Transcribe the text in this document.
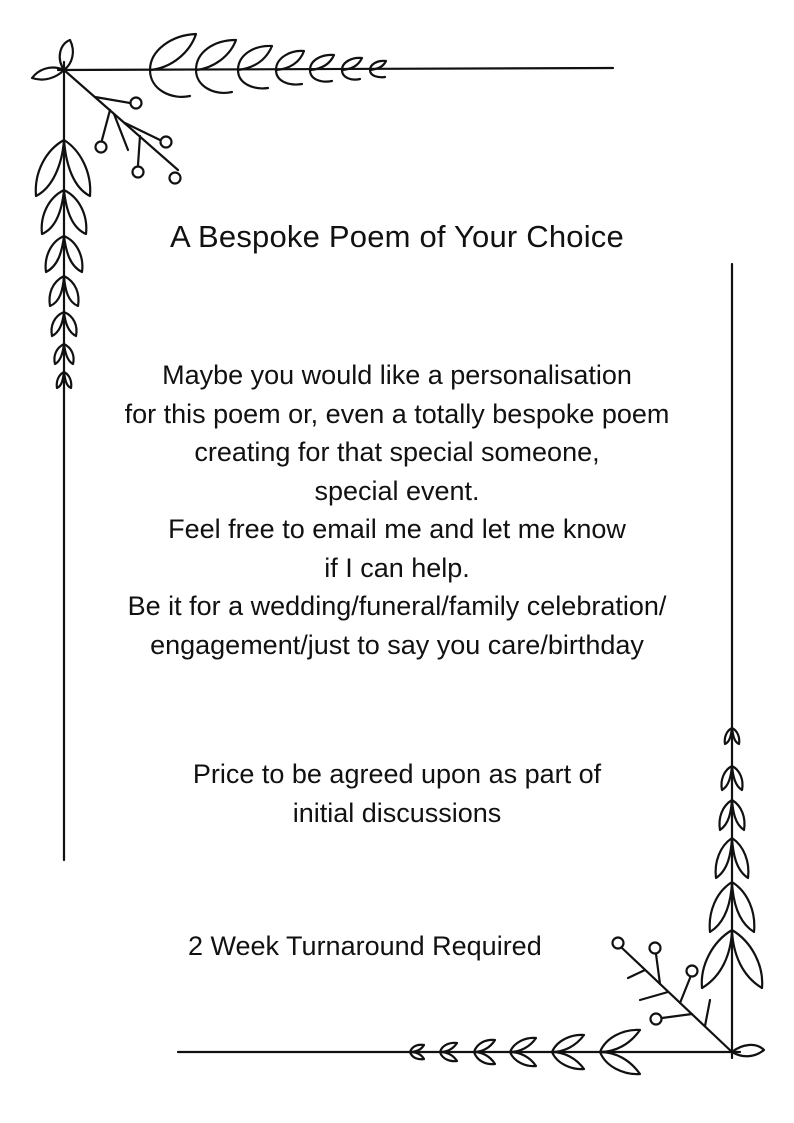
A Bespoke Poem of Your Choice
Maybe you would like a personalisation
for this poem or, even a totally bespoke poem
creating for that special someone,
special event.
Feel free to email me and let me know
if I can help.
Be it for a wedding/funeral/family celebration/
engagement/just to say you care/birthday
Price to be agreed upon as part of
initial discussions
2 Week Turnaround Required
